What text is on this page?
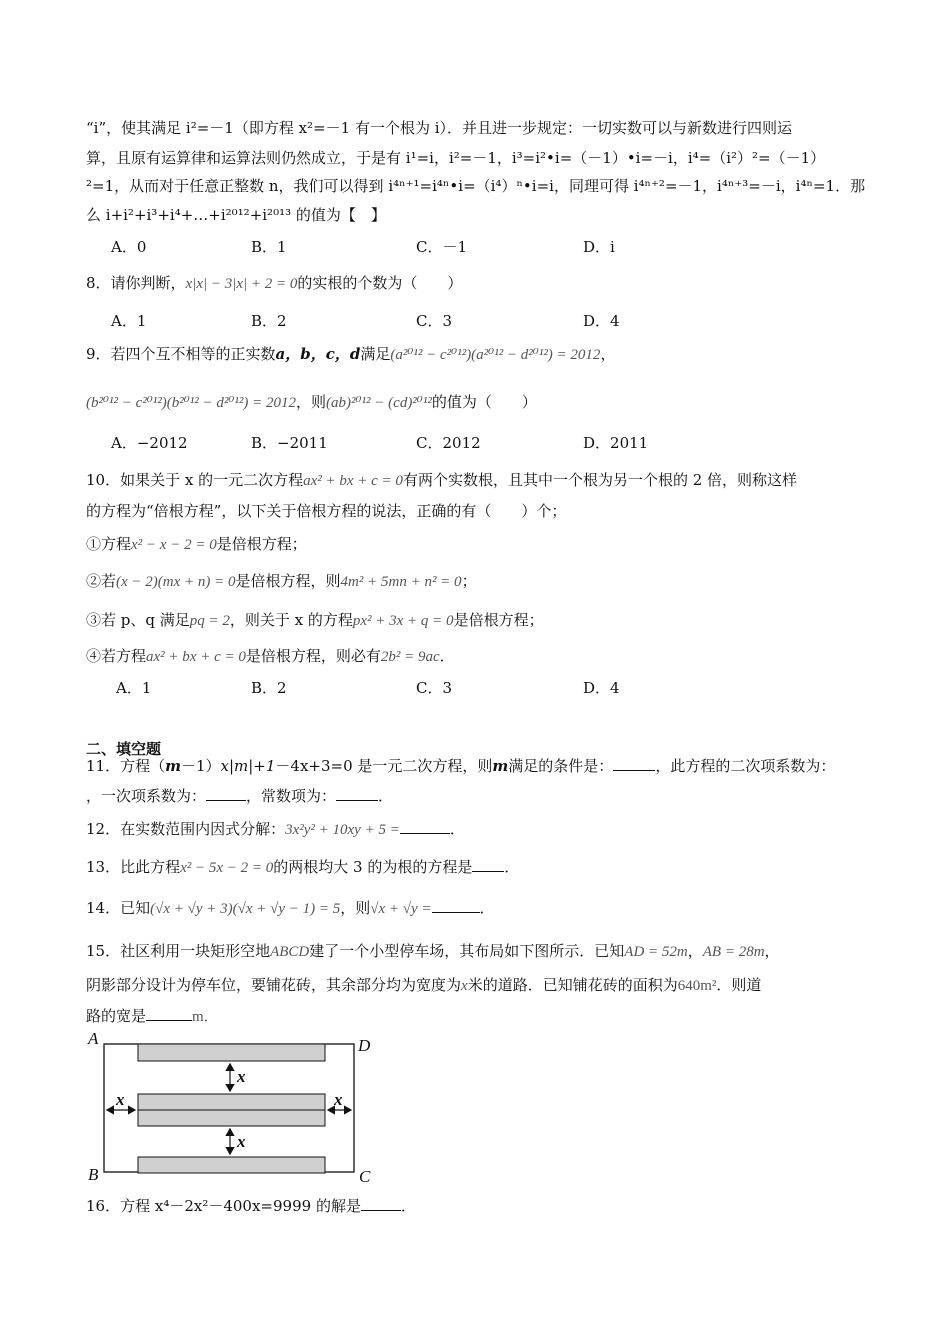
“i”，使其满足 i²=－1（即方程 x²=－1 有一个根为 i）．并且进一步规定：一切实数可以与新数进行四则运
算，且原有运算律和运算法则仍然成立，于是有 i¹=i，i²=－1，i³=i²•i=（－1）•i=－i，i⁴=（i²）²=（－1）
²=1，从而对于任意正整数 n，我们可以得到 i⁴ⁿ⁺¹=i⁴ⁿ•i=（i⁴）ⁿ•i=i，同理可得 i⁴ⁿ⁺²=－1，i⁴ⁿ⁺³=－i，i⁴ⁿ=1．那
么 i+i²+i³+i⁴+…+i²⁰¹²+i²⁰¹³ 的值为【　】
A．0	B．1	C．－1	D．i
8．请你判断，x|x| − 3|x| + 2 = 0的实根的个数为（　　）
A．1	B．2	C．3	D．4
9．若四个互不相等的正实数a，b，c，d满足(a²⁰¹² − c²⁰¹²)(a²⁰¹² − d²⁰¹²) = 2012，
(b²⁰¹² − c²⁰¹²)(b²⁰¹² − d²⁰¹²) = 2012，则(ab)²⁰¹² − (cd)²⁰¹²的值为（　　）
A．−2012	B．−2011	C．2012	D．2011
10．如果关于 x 的一元二次方程ax² + bx + c = 0有两个实数根，且其中一个根为另一个根的 2 倍，则称这样
的方程为“倍根方程”，以下关于倍根方程的说法，正确的有（　　）个；
①方程x² − x − 2 = 0是倍根方程；
②若(x − 2)(mx + n) = 0是倍根方程，则4m² + 5mn + n² = 0；
③若 p、q 满足pq = 2，则关于 x 的方程px² + 3x + q = 0是倍根方程；
④若方程ax² + bx + c = 0是倍根方程，则必有2b² = 9ac．
A．1	B．2	C．3	D．4
二、填空题
11．方程（m－1）x|m|+1－4x+3=0 是一元二次方程，则m满足的条件是：	，此方程的二次项系数为：
，一次项系数为：	，常数项为：	．
12．在实数范围内因式分解：3x²y² + 10xy + 5 =	．
13．比此方程x² − 5x − 2 = 0的两根均大 3 的为根的方程是 ．
14．已知(√x + √y + 3)(√x + √y − 1) = 5，则√x + √y =	．
15．社区利用一块矩形空地ABCD建了一个小型停车场，其布局如下图所示．已知AD = 52m，AB = 28m，
阴影部分设计为停车位，要铺花砖，其余部分均为宽度为x米的道路．已知铺花砖的面积为640m²．则道
路的宽是	m．
A	D
B	C
x
x
x	x
16．方程 x⁴－2x²－400x=9999 的解是	．
